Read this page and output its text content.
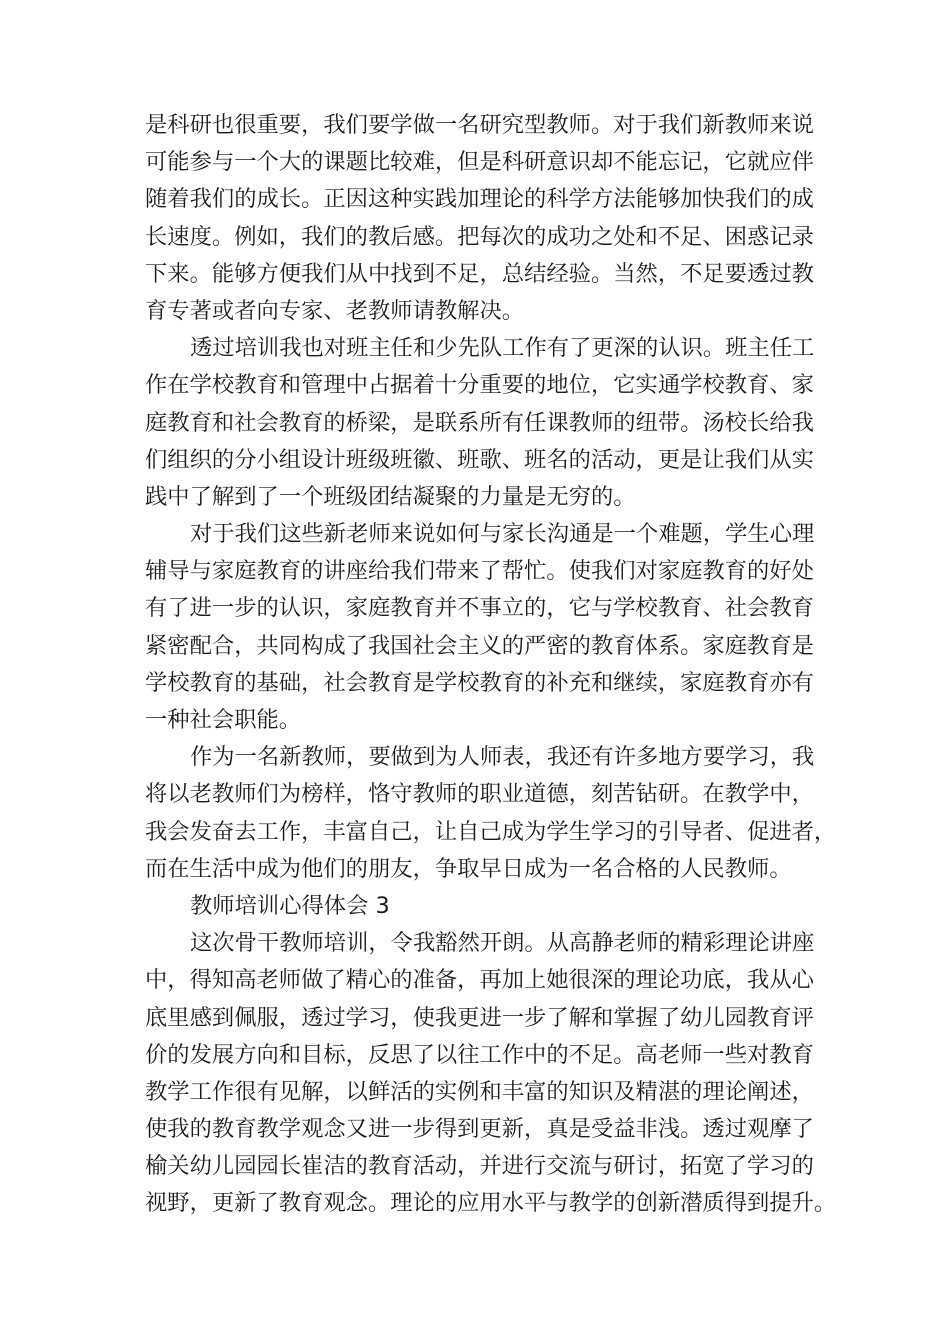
是科研也很重要，我们要学做一名研究型教师。对于我们新教师来说
可能参与一个大的课题比较难，但是科研意识却不能忘记，它就应伴
随着我们的成长。正因这种实践加理论的科学方法能够加快我们的成
长速度。例如，我们的教后感。把每次的成功之处和不足、困惑记录
下来。能够方便我们从中找到不足，总结经验。当然，不足要透过教
育专著或者向专家、老教师请教解决。
透过培训我也对班主任和少先队工作有了更深的认识。班主任工
作在学校教育和管理中占据着十分重要的地位，它实通学校教育、家
庭教育和社会教育的桥梁，是联系所有任课教师的纽带。汤校长给我
们组织的分小组设计班级班徽、班歌、班名的活动，更是让我们从实
践中了解到了一个班级团结凝聚的力量是无穷的。
对于我们这些新老师来说如何与家长沟通是一个难题，学生心理
辅导与家庭教育的讲座给我们带来了帮忙。使我们对家庭教育的好处
有了进一步的认识，家庭教育并不事立的，它与学校教育、社会教育
紧密配合，共同构成了我国社会主义的严密的教育体系。家庭教育是
学校教育的基础，社会教育是学校教育的补充和继续，家庭教育亦有
一种社会职能。
作为一名新教师，要做到为人师表，我还有许多地方要学习，我
将以老教师们为榜样，恪守教师的职业道德，刻苦钻研。在教学中，
我会发奋去工作，丰富自己，让自己成为学生学习的引导者、促进者，
而在生活中成为他们的朋友，争取早日成为一名合格的人民教师。
教师培训心得体会 3
这次骨干教师培训，令我豁然开朗。从高静老师的精彩理论讲座
中，得知高老师做了精心的准备，再加上她很深的理论功底，我从心
底里感到佩服，透过学习，使我更进一步了解和掌握了幼儿园教育评
价的发展方向和目标，反思了以往工作中的不足。高老师一些对教育
教学工作很有见解，以鲜活的实例和丰富的知识及精湛的理论阐述，
使我的教育教学观念又进一步得到更新，真是受益非浅。透过观摩了
榆关幼儿园园长崔洁的教育活动，并进行交流与研讨，拓宽了学习的
视野，更新了教育观念。理论的应用水平与教学的创新潜质得到提升。
